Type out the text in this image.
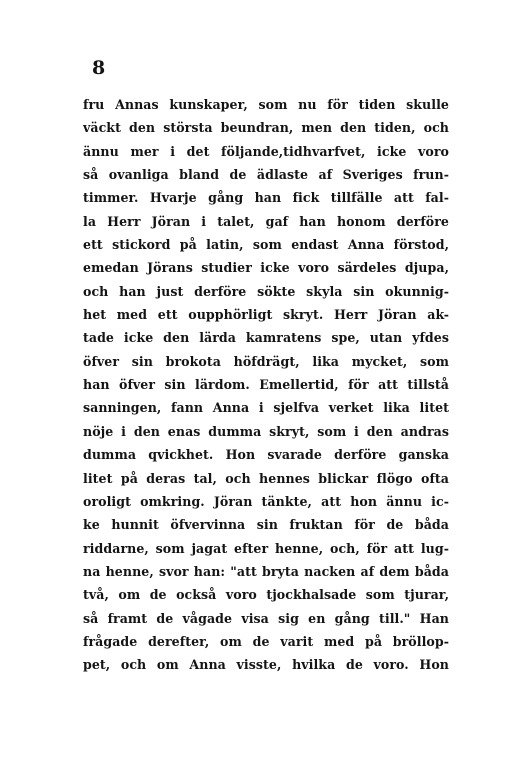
8
fru Annas kunskaper, som nu för tiden skulle
väckt den största beundran, men den tiden, och
ännu mer i det följande,tidhvarfvet, icke voro
så ovanliga bland de ädlaste af Sveriges frun-
timmer. Hvarje gång han fick tillfälle att fal-
la Herr Jöran i talet, gaf han honom derföre
ett stickord på latin, som endast Anna förstod,
emedan Jörans studier icke voro särdeles djupa,
och han just derföre sökte skyla sin okunnig-
het med ett oupphörligt skryt. Herr Jöran ak-
tade icke den lärda kamratens spe, utan yfdes
öfver sin brokota höfdrägt, lika mycket, som
han öfver sin lärdom. Emellertid, för att tillstå
sanningen, fann Anna i sjelfva verket lika litet
nöje i den enas dumma skryt, som i den andras
dumma qvickhet. Hon svarade derföre ganska
litet på deras tal, och hennes blickar flögo ofta
oroligt omkring. Jöran tänkte, att hon ännu ic-
ke hunnit öfvervinna sin fruktan för de båda
riddarne, som jagat efter henne, och, för att lug-
na henne, svor han: "att bryta nacken af dem båda
två, om de också voro tjockhalsade som tjurar,
så framt de vågade visa sig en gång till." Han
frågade derefter, om de varit med på bröllop-
pet, och om Anna visste, hvilka de voro. Hon
